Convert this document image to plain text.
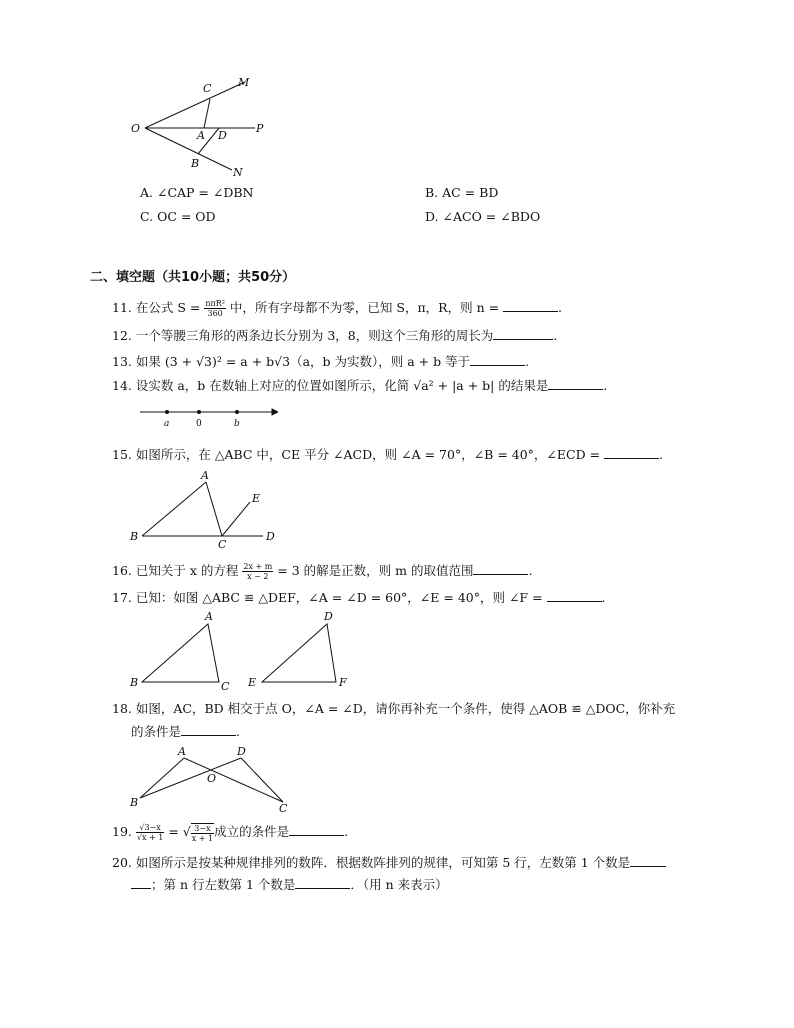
C M
O
A D
P
B
N
A. ∠CAP = ∠DBN	B. AC = BD
C. OC = OD	D. ∠ACO = ∠BDO
二、填空题（共10小题；共50分）
11. 在公式 $S = \frac{\text{nπR²}}{360}$ 中，所有字母都不为零，已知 S，π，R，则 n =	.
12. 一个等腰三角形的两条边长分别为 3，8，则这个三角形的周长为	.
13. 如果 (3 + √3)² = a + b√3（a，b 为实数），则 a + b 等于	.
14. 设实数 a，b 在数轴上对应的位置如图所示，化简 √a² + |a + b| 的结果是	.
a	0	b
15. 如图所示，在 △ABC 中，CE 平分 ∠ACD，则 ∠A = 70°，∠B = 40°，∠ECD =	.
A
E
B
C
D
16. 已知关于 x 的方程 $\frac{2x + m}{x - 2} = 3$ 的解是正数，则 m 的取值范围	.
17. 已知：如图 △ABC ≌ △DEF，∠A = ∠D = 60°，∠E = 40°，则 ∠F =	.
A
B	C
D
E	F
18. 如图，AC，BD 相交于点 O，∠A = ∠D，请你再补充一个条件，使得 △AOB ≌ △DOC，你补充
的条件是	.
A	D
O
B	C
19. $\frac{√3-x}{√x + 1}$ = √ $\frac{3-x}{x + 1}$ 成立的条件是	.
20. 如图所示是按某种规律排列的数阵．根据数阵排列的规律，可知第 5 行，左数第 1 个数是
；第 n 行左数第 1 个数是	．（用 n 来表示）
